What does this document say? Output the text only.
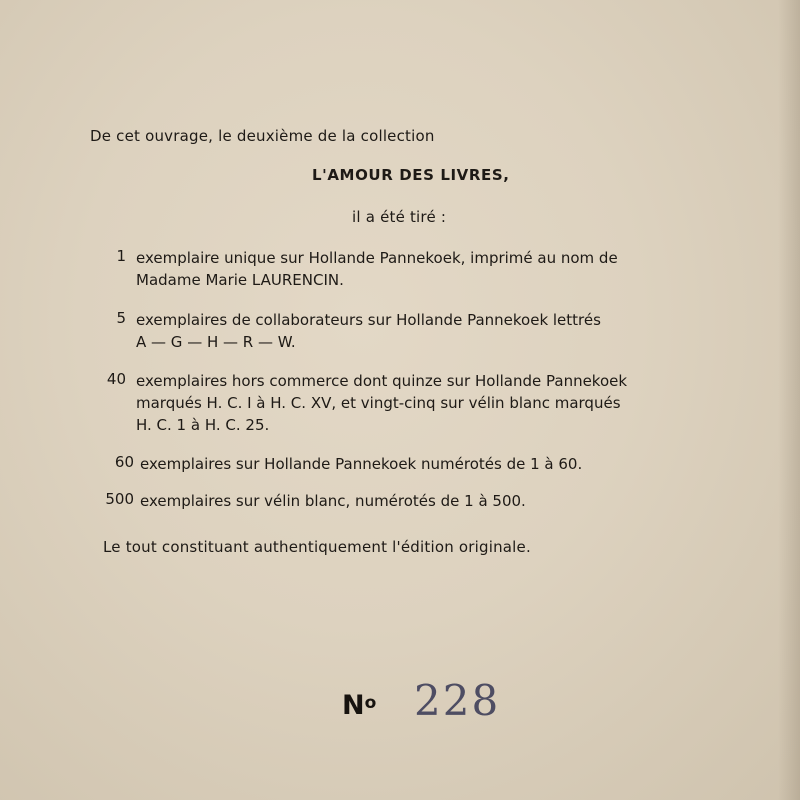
De cet ouvrage, le deuxième de la collection
L'AMOUR DES LIVRES,
il a été tiré :
1 exemplaire unique sur Hollande Pannekoek, imprimé au nom de
Madame Marie LAURENCIN.
5 exemplaires de collaborateurs sur Hollande Pannekoek lettrés
A — G — H — R — W.
40 exemplaires hors commerce dont quinze sur Hollande Pannekoek
marqués H. C. I à H. C. XV, et vingt-cinq sur vélin blanc marqués
H. C. 1 à H. C. 25.
60 exemplaires sur Hollande Pannekoek numérotés de 1 à 60.
500 exemplaires sur vélin blanc, numérotés de 1 à 500.
Le tout constituant authentiquement l'édition originale.
$N^o$ 228
